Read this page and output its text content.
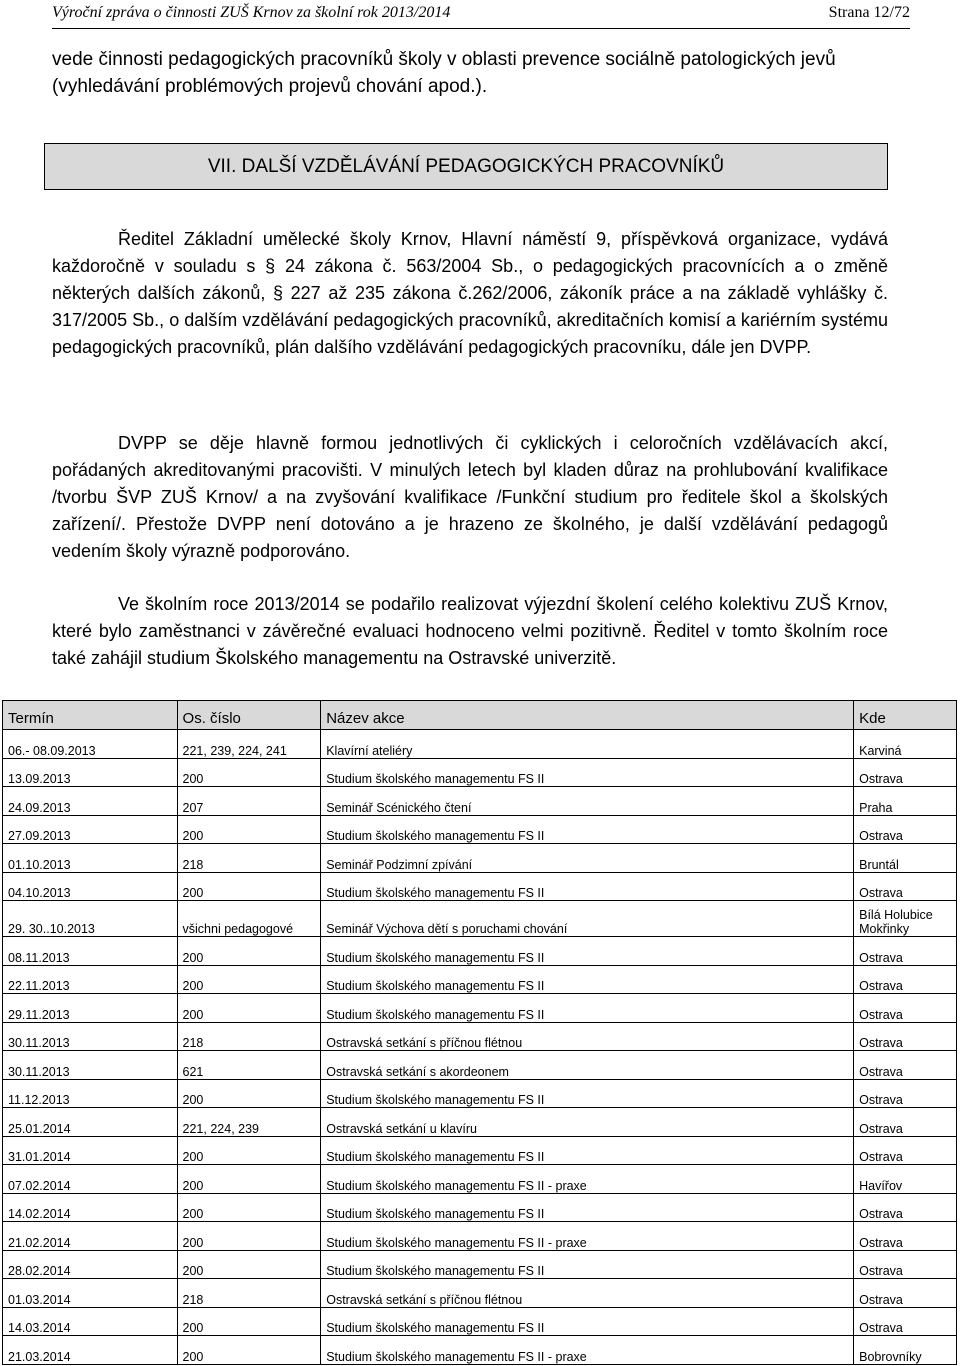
Výroční zpráva o činnosti ZUŠ Krnov za školní rok 2013/2014	Strana 12/72
vede činnosti pedagogických pracovníků školy v oblasti prevence sociálně patologických jevů (vyhledávání problémových projevů chování apod.).
VII. DALŠÍ VZDĚLÁVÁNÍ PEDAGOGICKÝCH PRACOVNÍKŮ
Ředitel Základní umělecké školy Krnov, Hlavní náměstí 9, příspěvková organizace, vydává každoročně v souladu s § 24 zákona č. 563/2004 Sb., o pedagogických pracovnících a o změně některých dalších zákonů, § 227 až 235 zákona č.262/2006, zákoník práce a na základě vyhlášky č. 317/2005 Sb., o dalším vzdělávání pedagogických pracovníků, akreditačních komisí a kariérním systému pedagogických pracovníků, plán dalšího vzdělávání pedagogických pracovníku, dále jen DVPP.
DVPP se děje hlavně formou jednotlivých či cyklických i celoročních vzdělávacích akcí, pořádaných akreditovanými pracovišti. V minulých letech byl kladen důraz na prohlubování kvalifikace /tvorbu ŠVP ZUŠ Krnov/ a na zvyšování kvalifikace /Funkční studium pro ředitele škol a školských zařízení/. Přestože DVPP není dotováno a je hrazeno ze školného, je další vzdělávání pedagogů vedením školy výrazně podporováno.
Ve školním roce 2013/2014 se podařilo realizovat výjezdní školení celého kolektivu ZUŠ Krnov, které bylo zaměstnanci v závěrečné evaluaci hodnoceno velmi pozitivně. Ředitel v tomto školním roce také zahájil studium Školského managementu na Ostravské univerzitě.
Termín	Os. číslo	Název akce	Kde
06.- 08.09.2013	221, 239, 224, 241	Klavírní ateliéry	Karviná
13.09.2013	200	Studium školského managementu FS II	Ostrava
24.09.2013	207	Seminář Scénického čtení	Praha
27.09.2013	200	Studium školského managementu FS II	Ostrava
01.10.2013	218	Seminář Podzimní zpívání	Bruntál
04.10.2013	200	Studium školského managementu FS II	Ostrava
29. 30..10.2013	všichni pedagogové	Seminář Výchova dětí s poruchami chování	Bílá Holubice Mokřinky
08.11.2013	200	Studium školského managementu FS II	Ostrava
22.11.2013	200	Studium školského managementu FS II	Ostrava
29.11.2013	200	Studium školského managementu FS II	Ostrava
30.11.2013	218	Ostravská setkání s příčnou flétnou	Ostrava
30.11.2013	621	Ostravská setkání s akordeonem	Ostrava
11.12.2013	200	Studium školského managementu FS II	Ostrava
25.01.2014	221, 224, 239	Ostravská setkání u klavíru	Ostrava
31.01.2014	200	Studium školského managementu FS II	Ostrava
07.02.2014	200	Studium školského managementu FS II - praxe	Havířov
14.02.2014	200	Studium školského managementu FS II	Ostrava
21.02.2014	200	Studium školského managementu FS II - praxe	Ostrava
28.02.2014	200	Studium školského managementu FS II	Ostrava
01.03.2014	218	Ostravská setkání s příčnou flétnou	Ostrava
14.03.2014	200	Studium školského managementu FS II	Ostrava
21.03.2014	200	Studium školského managementu FS II - praxe	Bobrovníky
